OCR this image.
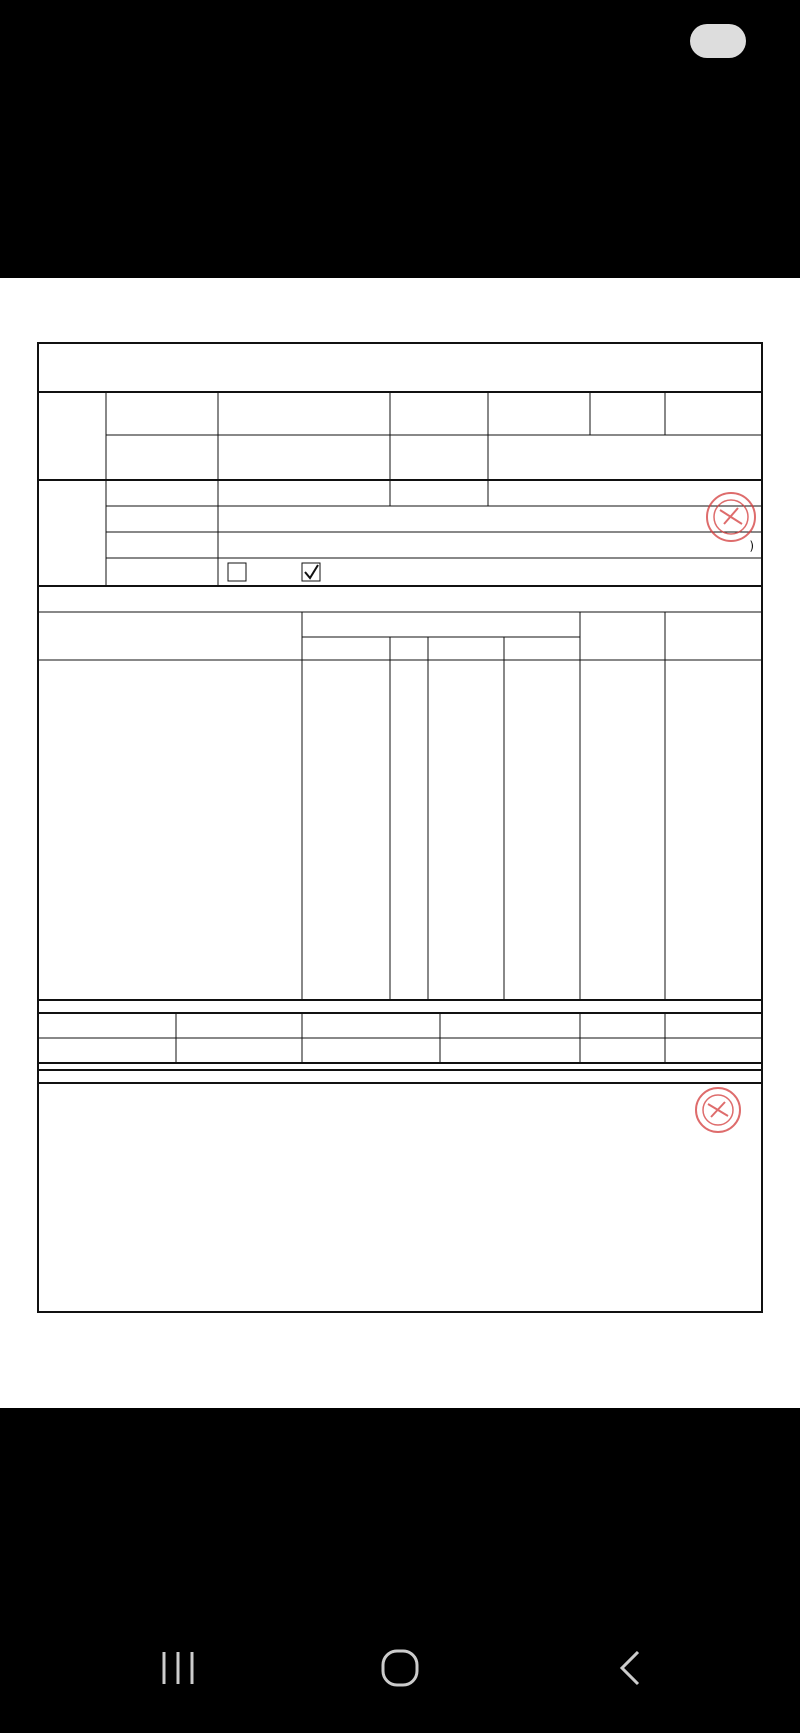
)
